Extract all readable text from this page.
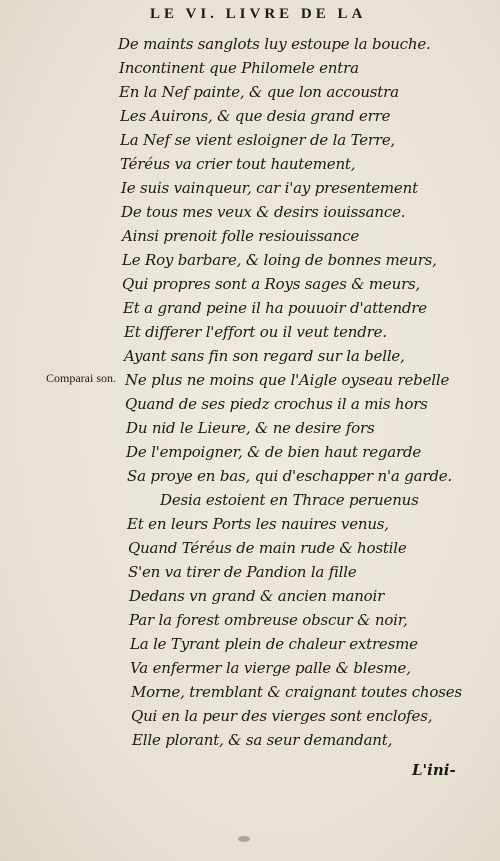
LE VI. LIVRE DE LA
Comparai son.
De maints sanglots luy estoupe la bouche.
Incontinent que Philomele entra
En la Nef painte, & que lon accoustra
Les Auirons, & que desia grand erre
La Nef se vient esloigner de la Terre,
Téréus va crier tout hautement,
Ie suis vainqueur, car i'ay presentement
De tous mes veux & desirs iouissance.
Ainsi prenoit folle resiouissance
Le Roy barbare, & loing de bonnes meurs,
Qui propres sont a Roys sages & meurs,
Et a grand peine il ha pouuoir d'attendre
Et differer l'effort ou il veut tendre.
Ayant sans fin son regard sur la belle,
Ne plus ne moins que l'Aigle oyseau rebelle
Quand de ses piedz crochus il a mis hors
Du nid le Lieure, & ne desire fors
De l'empoigner, & de bien haut regarde
Sa proye en bas, qui d'eschapper n'a garde.
Desia estoient en Thrace peruenus
Et en leurs Ports les nauires venus,
Quand Téréus de main rude & hostile
S'en va tirer de Pandion la fille
Dedans vn grand & ancien manoir
Par la forest ombreuse obscur & noir,
La le Tyrant plein de chaleur extresme
Va enfermer la vierge palle & blesme,
Morne, tremblant & craignant toutes choses
Qui en la peur des vierges sont enclofes,
Elle plorant, & sa seur demandant,
L'ini-
